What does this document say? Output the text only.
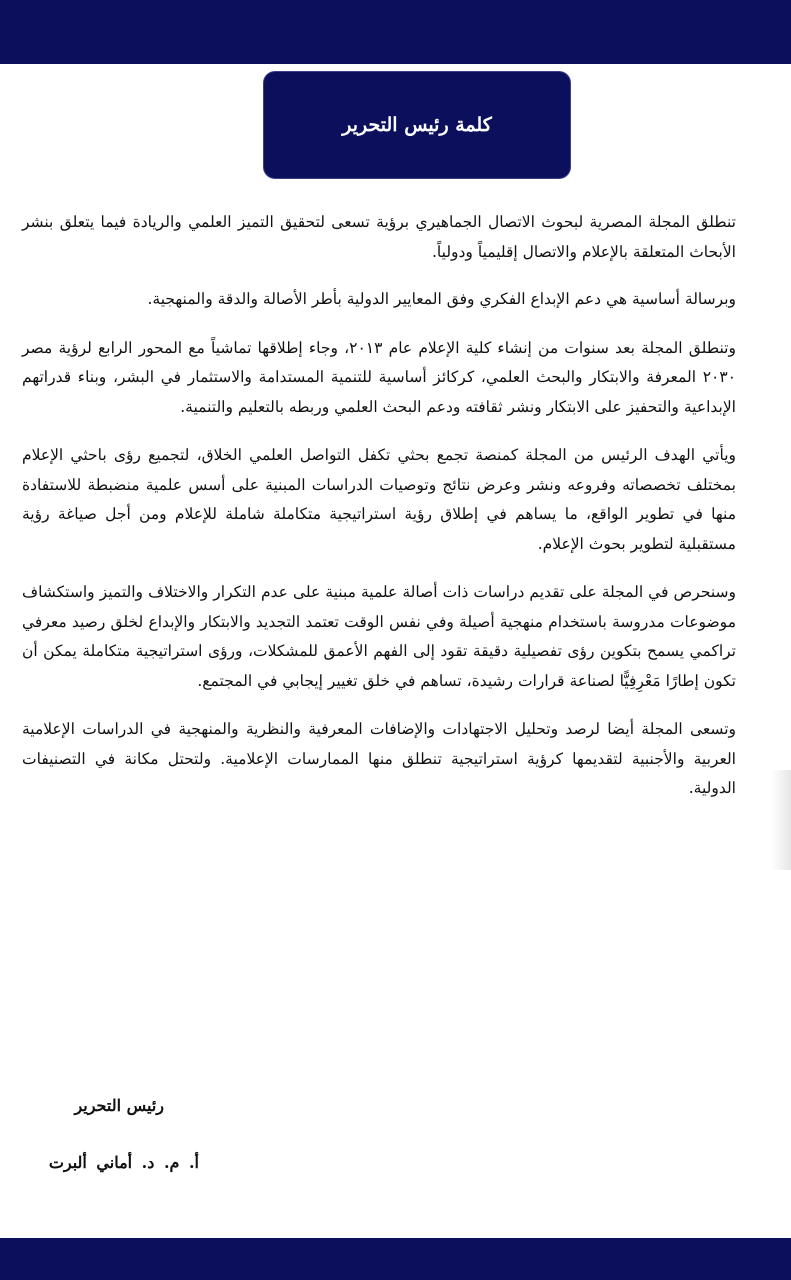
كلمة رئيس التحرير

تنطلق المجلة المصرية لبحوث الاتصال الجماهيري برؤية تسعى لتحقيق التميز العلمي والريادة فيما يتعلق بنشر الأبحاث المتعلقة بالإعلام والاتصال إقليمياً ودولياً.

وبرسالة أساسية هي دعم الإبداع الفكري وفق المعايير الدولية بأطر الأصالة والدقة والمنهجية.

وتنطلق المجلة بعد سنوات من إنشاء كلية الإعلام عام ٢٠١٣، وجاء إطلاقها تماشياً مع المحور الرابع لرؤية مصر ٢٠٣٠ المعرفة والابتكار والبحث العلمي، كركائز أساسية للتنمية المستدامة والاستثمار في البشر، وبناء قدراتهم الإبداعية والتحفيز على الابتكار ونشر ثقافته ودعم البحث العلمي وربطه بالتعليم والتنمية.

ويأتي الهدف الرئيس من المجلة كمنصة تجمع بحثي تكفل التواصل العلمي الخلاق، لتجميع رؤى باحثي الإعلام بمختلف تخصصاته وفروعه ونشر وعرض نتائج وتوصيات الدراسات المبنية على أسس علمية منضبطة للاستفادة منها في تطوير الواقع، ما يساهم في إطلاق رؤية استراتيجية متكاملة شاملة للإعلام ومن أجل صياغة رؤية مستقبلية لتطوير بحوث الإعلام.

وسنحرص في المجلة على تقديم دراسات ذات أصالة علمية مبنية على عدم التكرار والاختلاف والتميز واستكشاف موضوعات مدروسة باستخدام منهجية أصيلة وفي نفس الوقت تعتمد التجديد والابتكار والإبداع لخلق رصيد معرفي تراكمي يسمح بتكوين رؤى تفصيلية دقيقة تقود إلى الفهم الأعمق للمشكلات، ورؤى استراتيجية متكاملة يمكن أن تكون إطارًا مَعْرِفِيًّا لصناعة قرارات رشيدة، تساهم في خلق تغيير إيجابي في المجتمع.

وتسعى المجلة أيضا لرصد وتحليل الاجتهادات والإضافات المعرفية والنظرية والمنهجية في الدراسات الإعلامية العربية والأجنبية لتقديمها كرؤية استراتيجية تنطلق منها الممارسات الإعلامية. ولتحتل مكانة في التصنيفات الدولية.

رئيس التحرير
أ. م. د. أماني ألبرت
